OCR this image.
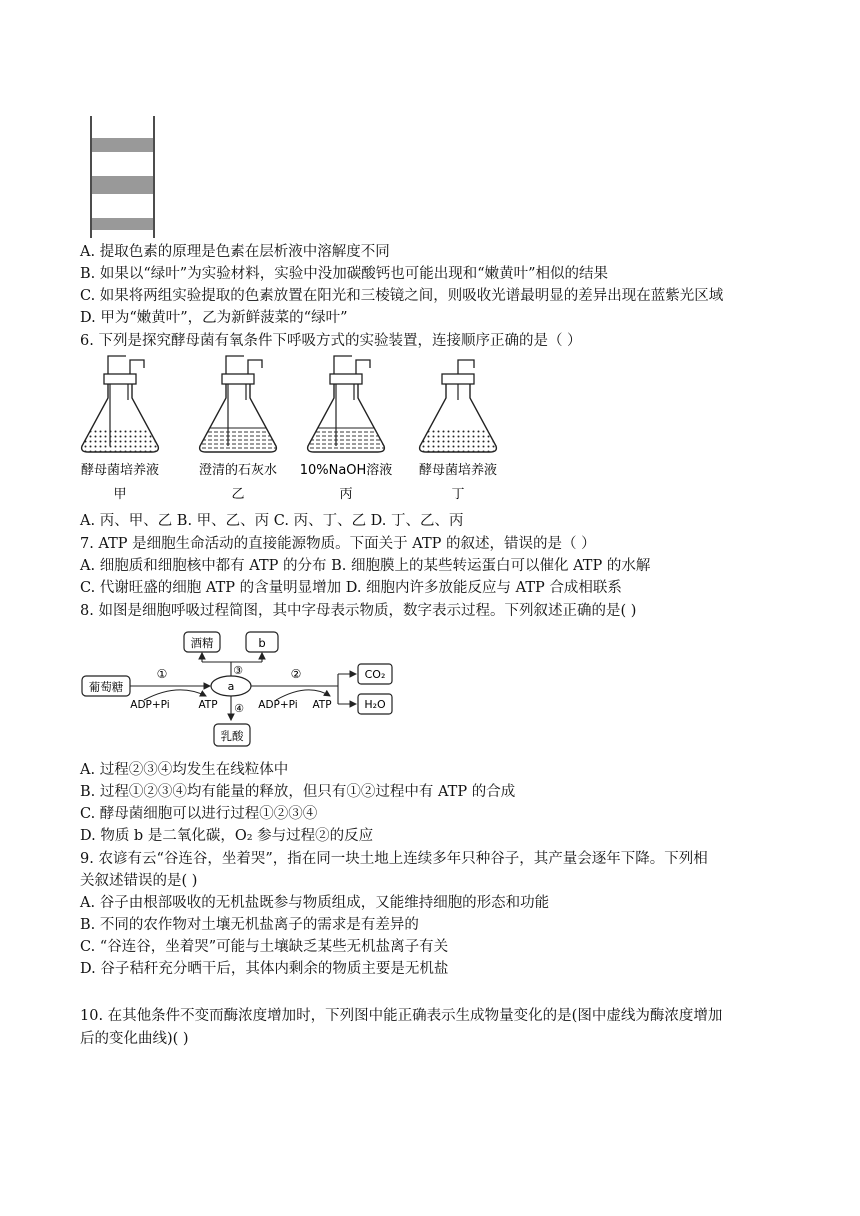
A. 提取色素的原理是色素在层析液中溶解度不同
B. 如果以“绿叶”为实验材料，实验中没加碳酸钙也可能出现和“嫩黄叶”相似的结果
C. 如果将两组实验提取的色素放置在阳光和三棱镜之间，则吸收光谱最明显的差异出现在蓝紫光区域
D. 甲为“嫩黄叶”，乙为新鲜菠菜的“绿叶”
6. 下列是探究酵母菌有氧条件下呼吸方式的实验装置，连接顺序正确的是（ ）
酵母菌培养液
甲
澄清的石灰水
乙
10%NaOH溶液
丙
酵母菌培养液
丁
A. 丙、甲、乙 B. 甲、乙、丙 C. 丙、丁、乙 D. 丁、乙、丙
7. ATP 是细胞生命活动的直接能源物质。下面关于 ATP 的叙述，错误的是（ ）
A. 细胞质和细胞核中都有 ATP 的分布 B. 细胞膜上的某些转运蛋白可以催化 ATP 的水解
C. 代谢旺盛的细胞 ATP 的含量明显增加 D. 细胞内许多放能反应与 ATP 合成相联系
8. 如图是细胞呼吸过程简图，其中字母表示物质，数字表示过程。下列叙述正确的是( )
葡萄糖	a
①
ADP+Pi	ATP
酒精	b
③
④
乳酸
②
ADP+Pi ATP
CO₂
H₂O
A. 过程②③④均发生在线粒体中
B. 过程①②③④均有能量的释放，但只有①②过程中有 ATP 的合成
C. 酵母菌细胞可以进行过程①②③④
D. 物质 b 是二氧化碳，O₂ 参与过程②的反应
9. 农谚有云“谷连谷，坐着哭”，指在同一块土地上连续多年只种谷子，其产量会逐年下降。下列相
关叙述错误的是( )
A. 谷子由根部吸收的无机盐既参与物质组成，又能维持细胞的形态和功能
B. 不同的农作物对土壤无机盐离子的需求是有差异的
C. “谷连谷，坐着哭”可能与土壤缺乏某些无机盐离子有关
D. 谷子秸秆充分晒干后，其体内剩余的物质主要是无机盐
10. 在其他条件不变而酶浓度增加时，下列图中能正确表示生成物量变化的是(图中虚线为酶浓度增加
后的变化曲线)( )
